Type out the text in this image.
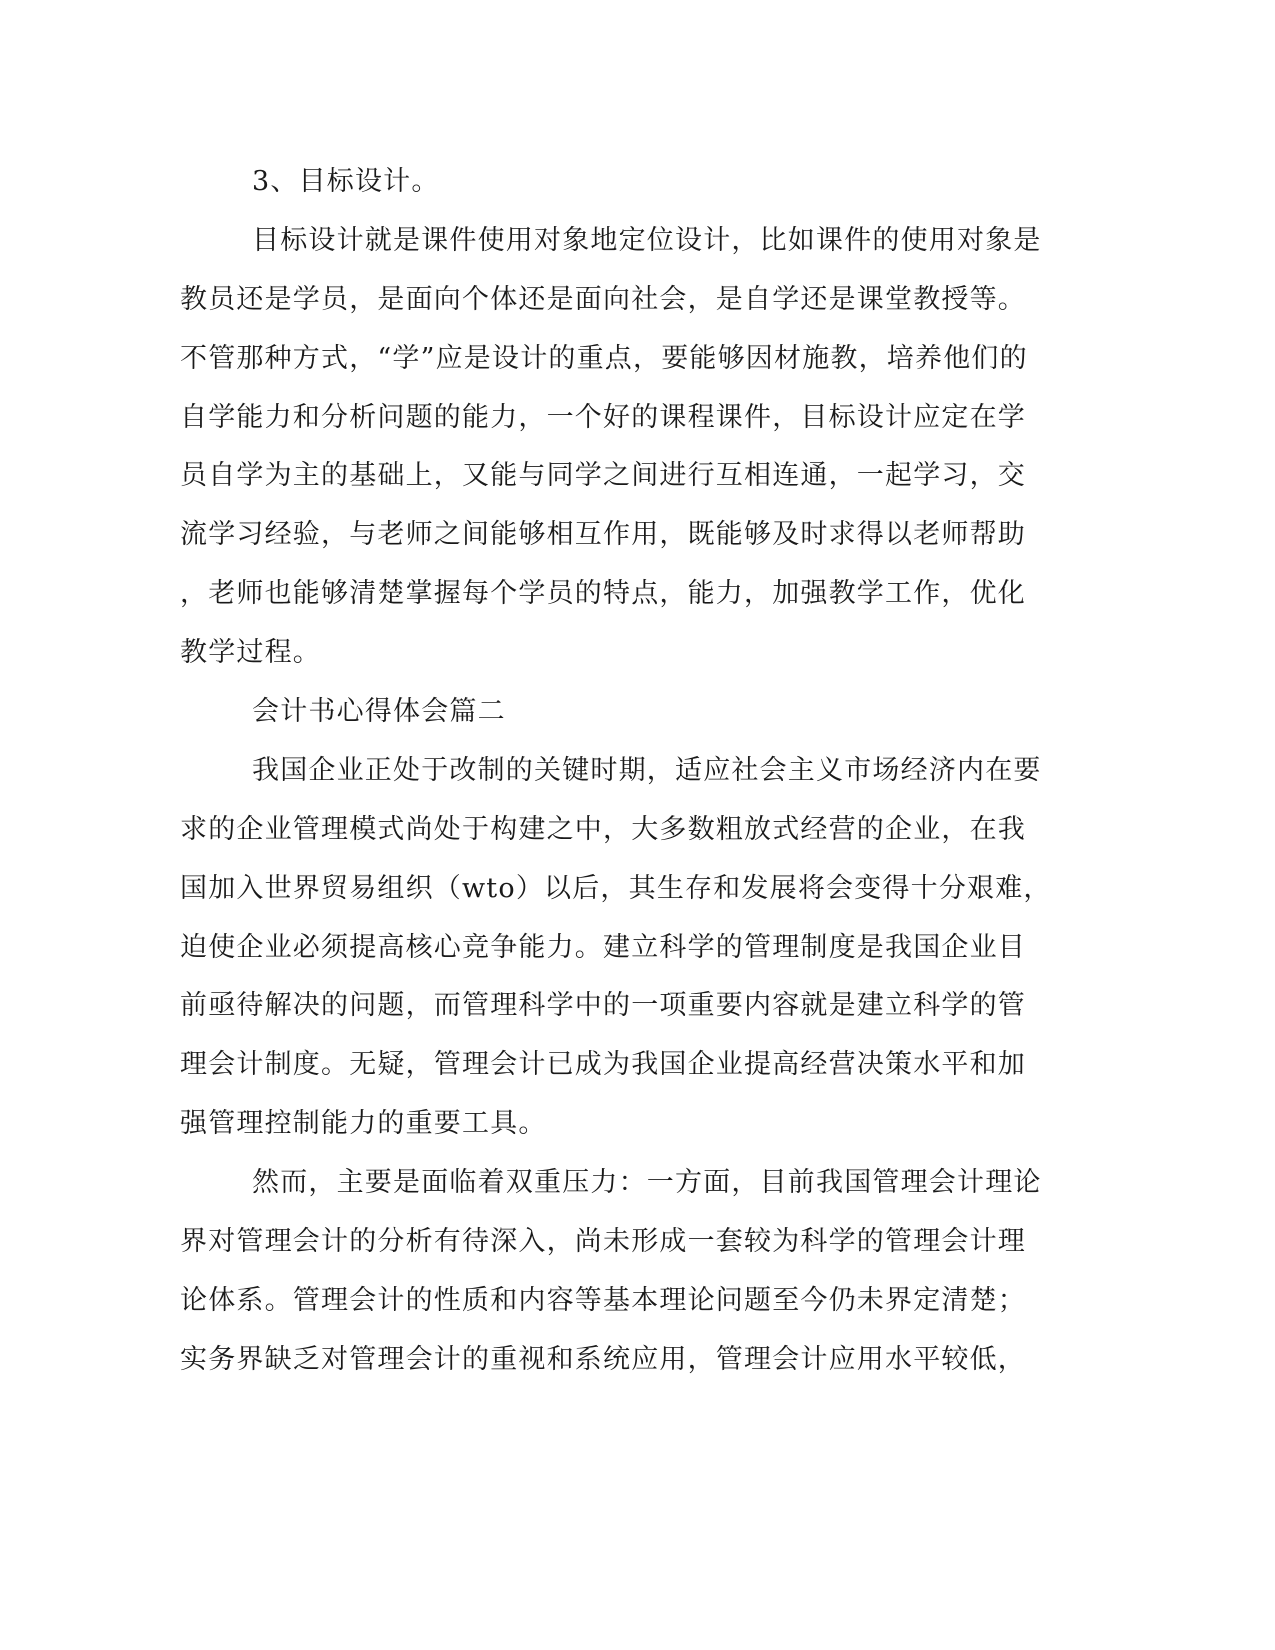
3、目标设计。
目标设计就是课件使用对象地定位设计，比如课件的使用对象是
教员还是学员，是面向个体还是面向社会，是自学还是课堂教授等。
不管那种方式，“学”应是设计的重点，要能够因材施教，培养他们的
自学能力和分析问题的能力，一个好的课程课件，目标设计应定在学
员自学为主的基础上，又能与同学之间进行互相连通，一起学习，交
流学习经验，与老师之间能够相互作用，既能够及时求得以老师帮助
，老师也能够清楚掌握每个学员的特点，能力，加强教学工作，优化
教学过程。
会计书心得体会篇二
我国企业正处于改制的关键时期，适应社会主义市场经济内在要
求的企业管理模式尚处于构建之中，大多数粗放式经营的企业，在我
国加入世界贸易组织（wto）以后，其生存和发展将会变得十分艰难，
迫使企业必须提高核心竞争能力。建立科学的管理制度是我国企业目
前亟待解决的问题，而管理科学中的一项重要内容就是建立科学的管
理会计制度。无疑，管理会计已成为我国企业提高经营决策水平和加
强管理控制能力的重要工具。
然而，主要是面临着双重压力：一方面，目前我国管理会计理论
界对管理会计的分析有待深入，尚未形成一套较为科学的管理会计理
论体系。管理会计的性质和内容等基本理论问题至今仍未界定清楚；
实务界缺乏对管理会计的重视和系统应用，管理会计应用水平较低，
